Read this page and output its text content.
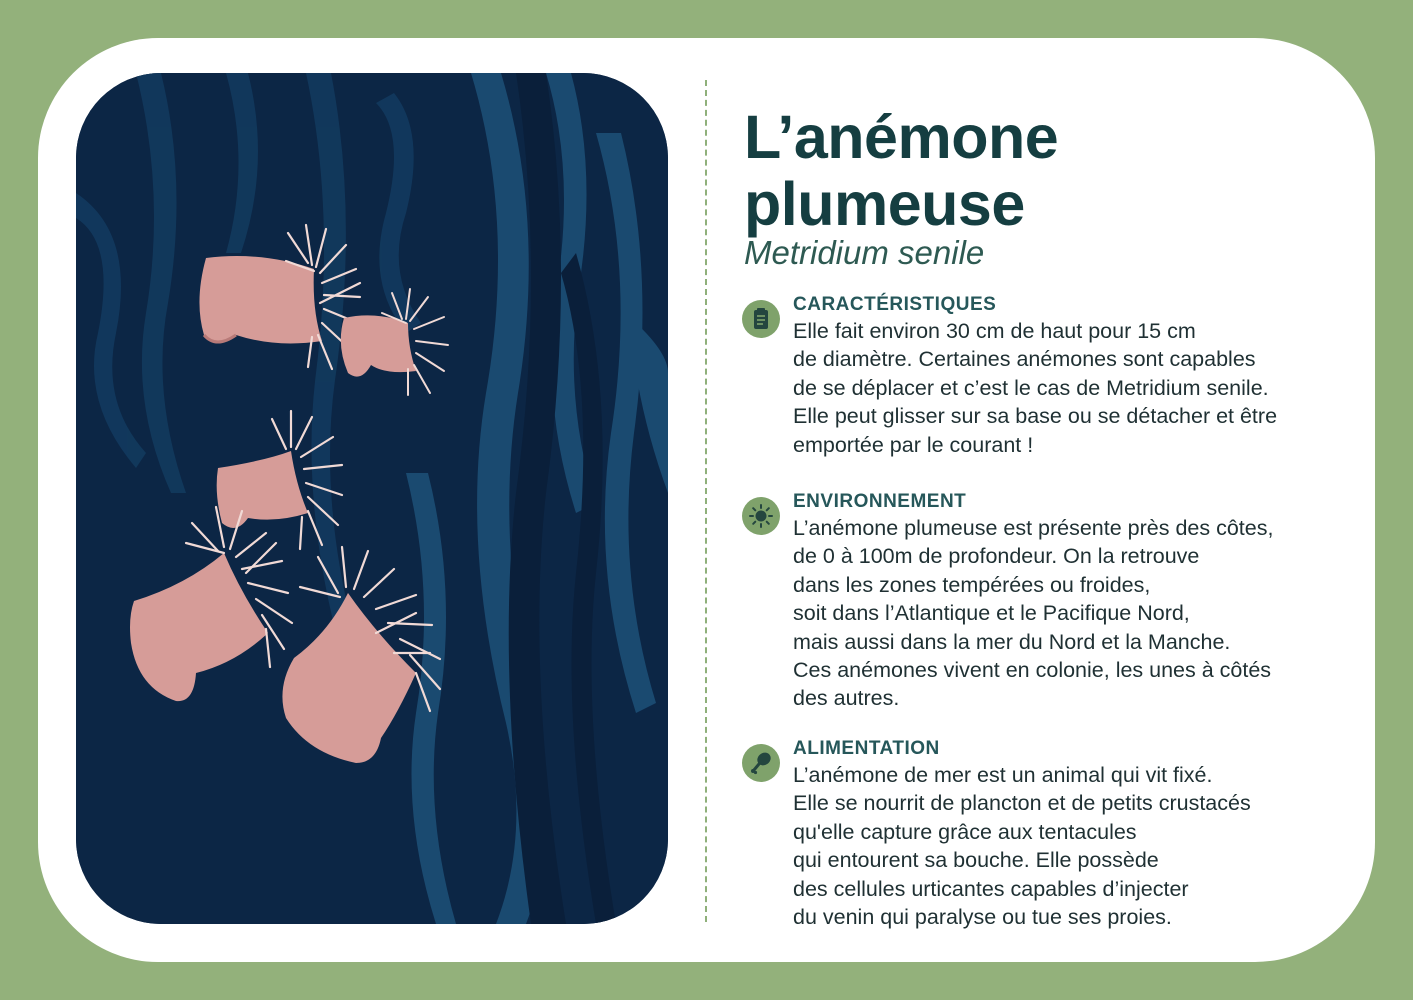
L’anémone
plumeuse
Metridium senile
CARACTÉRISTIQUES
Elle fait environ 30 cm de haut pour 15 cm
de diamètre. Certaines anémones sont capables
de se déplacer et c’est le cas de Metridium senile.
Elle peut glisser sur sa base ou se détacher et être
emportée par le courant !
ENVIRONNEMENT
L’anémone plumeuse est présente près des côtes,
de 0 à 100m de profondeur. On la retrouve
dans les zones tempérées ou froides,
soit dans l’Atlantique et le Pacifique Nord,
mais aussi dans la mer du Nord et la Manche.
Ces anémones vivent en colonie, les unes à côtés
des autres.
ALIMENTATION
L’anémone de mer est un animal qui vit fixé.
Elle se nourrit de plancton et de petits crustacés
qu'elle capture grâce aux tentacules
qui entourent sa bouche. Elle possède
des cellules urticantes capables d’injecter
du venin qui paralyse ou tue ses proies.
